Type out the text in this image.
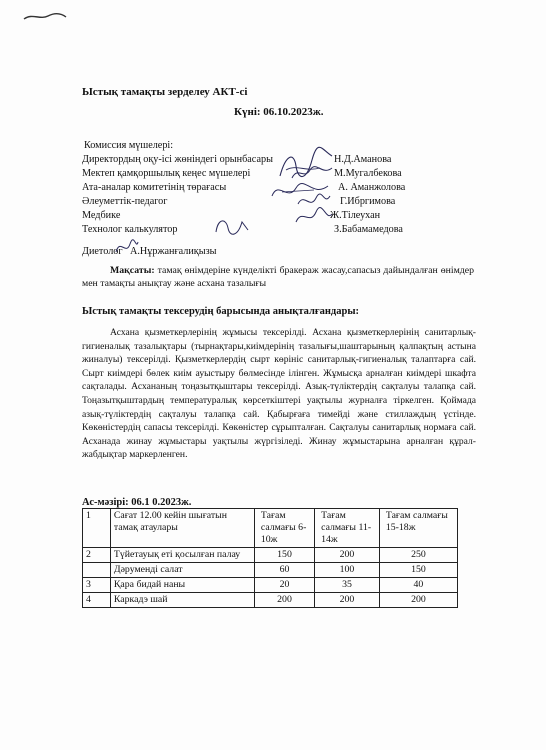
Ыстық тамақты зерделеу АКТ-сі
Күні: 06.10.2023ж.
Комиссия мүшелері:
Директордың оқу-ісі жөніндегі орынбасары	Н.Д.Аманова
Мектеп қамқоршылық кеңес мүшелері	М.Мугалбекова
Ата-аналар комитетінің төрағасы	А. Аманжолова
Әлеуметтік-педагог	Г.Ибргимова
Медбике	Ж.Тілеухан
Технолог калькулятор	З.Бабамамедова
Диетолог А.Нұржанғалиқызы
Мақсаты: тамақ өнімдеріне күнделікті бракераж жасау,сапасыз дайындалған өнімдер мен тамақты анықтау және асхана тазалығы
Ыстық тамақты тексерудің барысында анықталғандары:
Асхана қызметкерлерінің жұмысы тексерілді. Асхана қызметкерлерінің санитарлық-гигиеналық тазалықтары (тырнақтары,киімдерінің тазалығы,шаштарының қалпақтың астына жиналуы) тексерілді. Қызметкерлердің сырт көрініс санитарлық-гигиеналық талаптарға сай. Сырт киімдері бөлек киім ауыстыру бөлмесінде ілінген. Жұмысқа арналған киімдері шкафта сақталады. Асхананың тоңазытқыштары тексерілді. Азық-түліктердің сақталуы талапқа сай. Тоңазытқыштардың температуралық көрсеткіштері уақтылы журналға тіркелген. Қоймада азық-түліктердің сақталуы талапқа сай. Қабырғаға тимейді және стиллаждың үстінде. Көкөністердің сапасы тексерілді. Көкөністер сұрыпталған. Сақталуы санитарлық нормаға сай. Асханада жинау жұмыстары уақтылы жүргізіледі. Жинау жұмыстарына арналған құрал-жабдықтар маркерленген.
Ас-мәзірі: 06.1 0.2023ж.
1	Сағат 12.00 кейін шығатын тамақ атаулары	Тағам салмағы 6-10ж	Тағам салмағы 11-14ж	Тағам салмағы 15-18ж
2	Түйетауық еті қосылған палау	150	200	250
	Дәрумендi салат	60	100	150
3	Қара бидай наны	20	35	40
4	Каркадэ шай	200	200	200
